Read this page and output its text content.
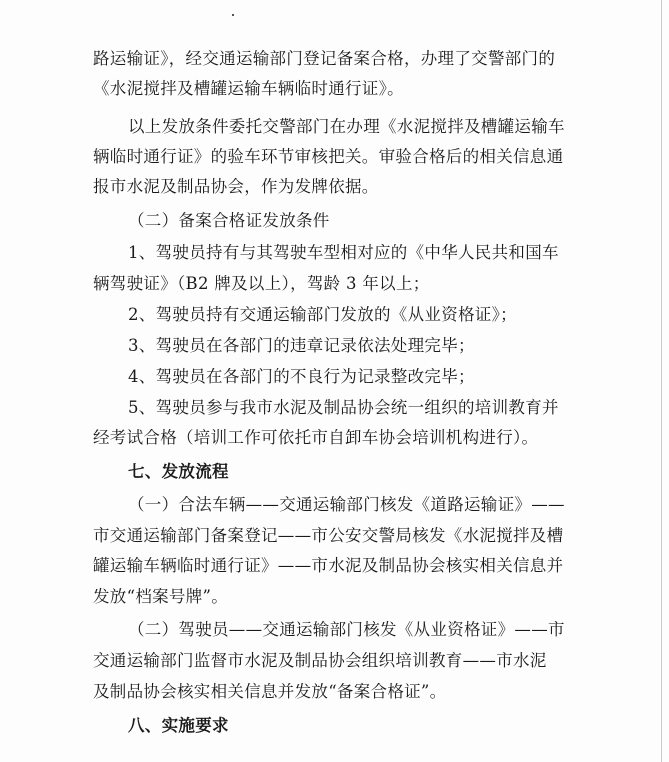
路运输证》，经交通运输部门登记备案合格，办理了交警部门的
《水泥搅拌及槽罐运输车辆临时通行证》。
以上发放条件委托交警部门在办理《水泥搅拌及槽罐运输车
辆临时通行证》的验车环节审核把关。审验合格后的相关信息通
报市水泥及制品协会，作为发牌依据。
（二）备案合格证发放条件
1、驾驶员持有与其驾驶车型相对应的《中华人民共和国车
辆驾驶证》（B2 牌及以上），驾龄 3 年以上；
2、驾驶员持有交通运输部门发放的《从业资格证》；
3、驾驶员在各部门的违章记录依法处理完毕；
4、驾驶员在各部门的不良行为记录整改完毕；
5、驾驶员参与我市水泥及制品协会统一组织的培训教育并
经考试合格（培训工作可依托市自卸车协会培训机构进行）。
七、发放流程
（一）合法车辆——交通运输部门核发《道路运输证》——
市交通运输部门备案登记——市公安交警局核发《水泥搅拌及槽
罐运输车辆临时通行证》——市水泥及制品协会核实相关信息并
发放“档案号牌”。
（二）驾驶员——交通运输部门核发《从业资格证》——市
交通运输部门监督市水泥及制品协会组织培训教育——市水泥
及制品协会核实相关信息并发放“备案合格证”。
八、实施要求
